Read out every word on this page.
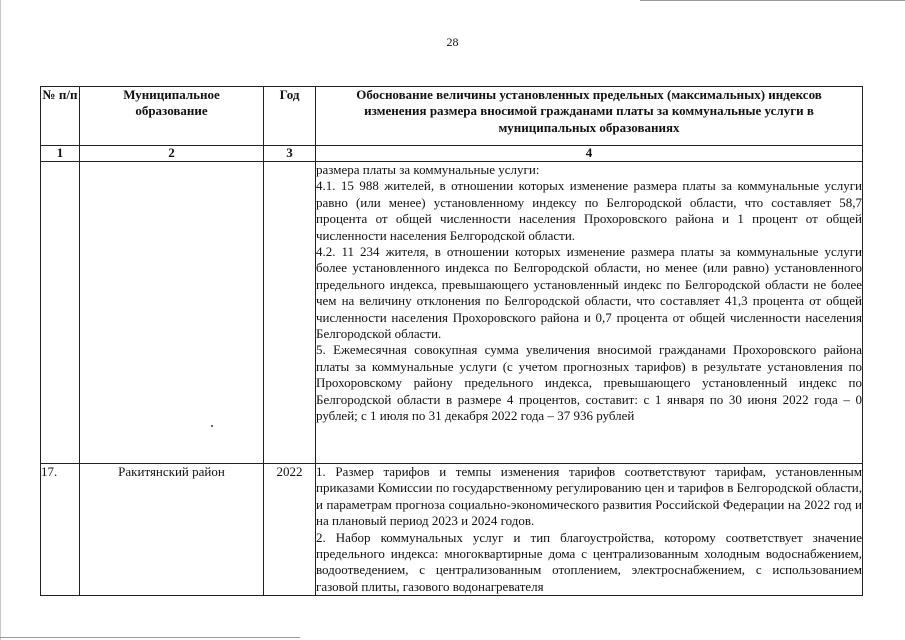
28
№ п/п	Муниципальное образование	Год	Обоснование величины установленных предельных (максимальных) индексов изменения размера вносимой гражданами платы за коммунальные услуги в муниципальных образованиях
1	2	3	4

			размера платы за коммунальные услуги:

4.1. 15 988 жителей, в отношении которых изменение размера платы за коммунальные услуги равно (или менее) установленному индексу по Белгородской области, что составляет 58,7 процента от общей численности населения Прохоровского района и 1 процент от общей численности населения Белгородской области.

4.2. 11 234 жителя, в отношении которых изменение размера платы за коммунальные услуги более установленного индекса по Белгородской области, но менее (или равно) установленного предельного индекса, превышающего установленный индекс по Белгородской области не более чем на величину отклонения по Белгородской области, что составляет 41,3 процента от общей численности населения Прохоровского района и 0,7 процента от общей численности населения Белгородской области.

5. Ежемесячная совокупная сумма увеличения вносимой гражданами Прохоровского района платы за коммунальные услуги (с учетом прогнозных тарифов) в результате установления по Прохоровскому району предельного индекса, превышающего установленный индекс по Белгородской области в размере 4 процентов, составит: с 1 января по 30 июня 2022 года – 0 рублей; с 1 июля по 31 декабря 2022 года – 37 936 рублей

17.	Ракитянский район	2022	1. Размер тарифов и темпы изменения тарифов соответствуют тарифам, установленным приказами Комиссии по государственному регулированию цен и тарифов в Белгородской области, и параметрам прогноза социально-экономического развития Российской Федерации на 2022 год и на плановый период 2023 и 2024 годов.

2. Набор коммунальных услуг и тип благоустройства, которому соответствует значение предельного индекса: многоквартирные дома с централизованным холодным водоснабжением, водоотведением, с централизованным отоплением, электроснабжением, с использованием газовой плиты, газового водонагревателя
